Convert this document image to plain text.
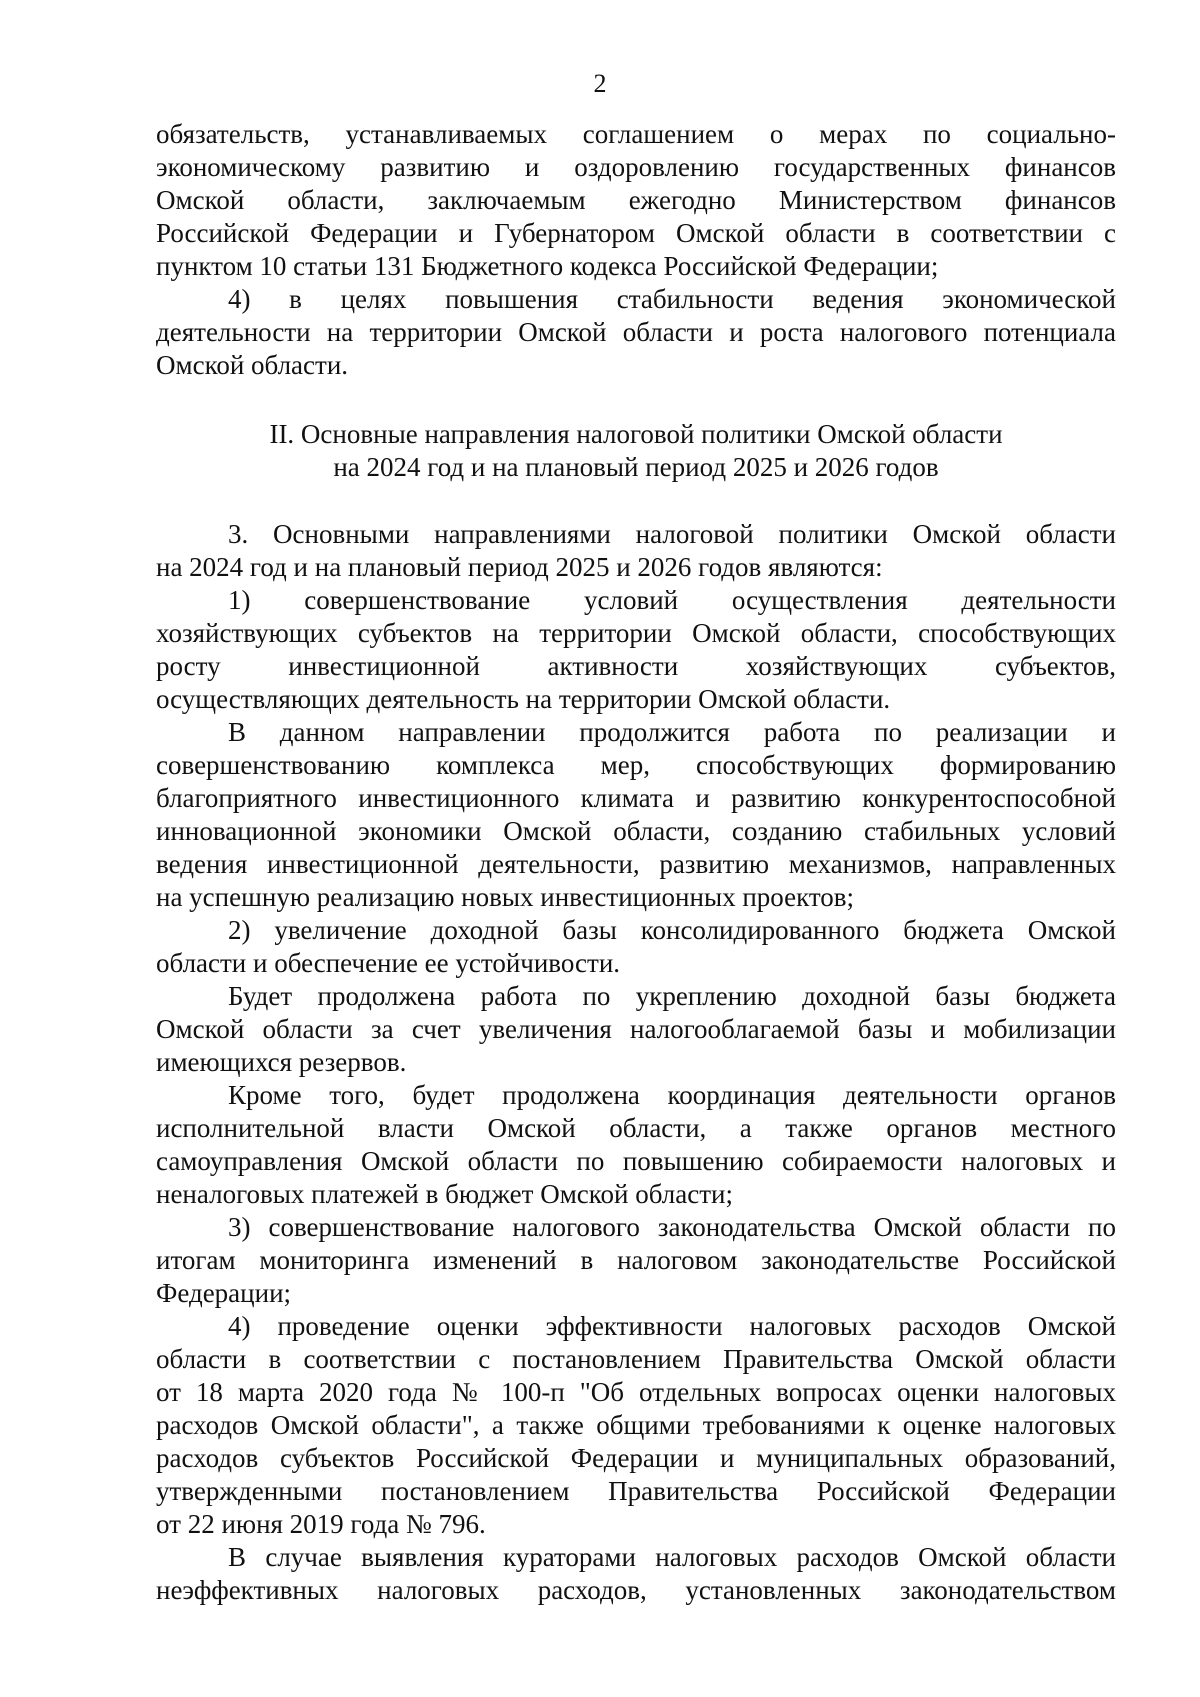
2
обязательств, устанавливаемых соглашением о мерах по социально-
экономическому развитию и оздоровлению государственных финансов
Омской области, заключаемым ежегодно Министерством финансов
Российской Федерации и Губернатором Омской области в соответствии с
пунктом 10 статьи 131 Бюджетного кодекса Российской Федерации;
4) в целях повышения стабильности ведения экономической
деятельности на территории Омской области и роста налогового потенциала
Омской области.
II. Основные направления налоговой политики Омской области
на 2024 год и на плановый период 2025 и 2026 годов
3. Основными направлениями налоговой политики Омской области
на 2024 год и на плановый период 2025 и 2026 годов являются:
1) совершенствование условий осуществления деятельности
хозяйствующих субъектов на территории Омской области, способствующих
росту инвестиционной активности хозяйствующих субъектов,
осуществляющих деятельность на территории Омской области.
В данном направлении продолжится работа по реализации и
совершенствованию комплекса мер, способствующих формированию
благоприятного инвестиционного климата и развитию конкурентоспособной
инновационной экономики Омской области, созданию стабильных условий
ведения инвестиционной деятельности, развитию механизмов, направленных
на успешную реализацию новых инвестиционных проектов;
2) увеличение доходной базы консолидированного бюджета Омской
области и обеспечение ее устойчивости.
Будет продолжена работа по укреплению доходной базы бюджета
Омской области за счет увеличения налогооблагаемой базы и мобилизации
имеющихся резервов.
Кроме того, будет продолжена координация деятельности органов
исполнительной власти Омской области, а также органов местного
самоуправления Омской области по повышению собираемости налоговых и
неналоговых платежей в бюджет Омской области;
3) совершенствование налогового законодательства Омской области по
итогам мониторинга изменений в налоговом законодательстве Российской
Федерации;
4) проведение оценки эффективности налоговых расходов Омской
области в соответствии с постановлением Правительства Омской области
от 18 марта 2020 года № 100-п "Об отдельных вопросах оценки налоговых
расходов Омской области", а также общими требованиями к оценке налоговых
расходов субъектов Российской Федерации и муниципальных образований,
утвержденными постановлением Правительства Российской Федерации
от 22 июня 2019 года № 796.
В случае выявления кураторами налоговых расходов Омской области
неэффективных налоговых расходов, установленных законодательством
